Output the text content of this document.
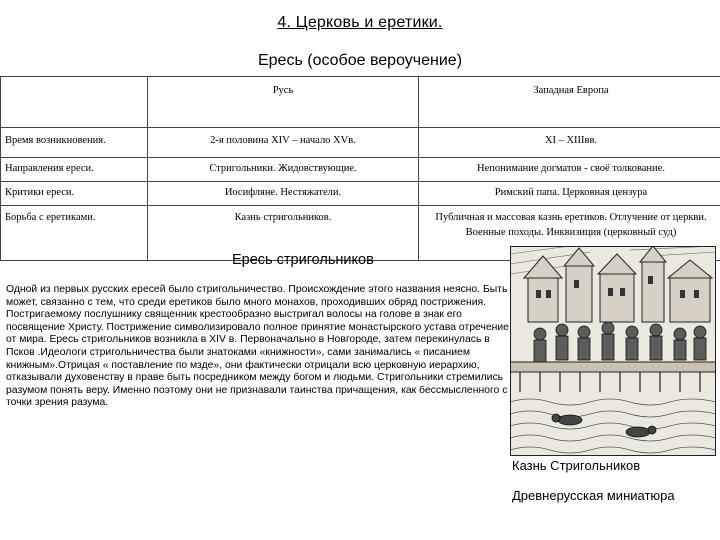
4. Церковь и еретики.
Ересь (особое вероучение)
	Русь	Западная Европа
Время возникновения.	2-я половина XIV – начало XVв.	XI – XIIIвв.
Направления ереси.	Стригольники. Жидовствующие.	Непонимание догматов - своё толкование.
Критики ереси.	Иосифляне. Нестяжатели.	Римский папа. Церковная цензура
Борьба с еретиками.	Казнь стригольников.	Публичная и массовая казнь еретиков. Отлучение от церкви. Военные походы. Инквизиция (церковный суд)
Ересь стригольников

Одной из первых русских ересей было стригольничество. Происхождение этого названия неясно. Быть может, связанно с тем, что среди еретиков было много монахов, проходивших обряд пострижения. Постригаемому послушнику священник крестообразно выстригал волосы на голове в знак его посвящение Христу. Пострижение символизировало полное принятие монастырского устава отречение от мира. Ересь стригольников возникла в XIV в. Первоначально в Новгороде, затем перекинулась в Псков .Идеологи стригольничества были знатоками «книжности», сами занимались « писанием книжным».Отрицая « поставление по мзде», они фактически отрицали всю церковную иерархию, отказывали духовенству в праве быть посредником между богом и людьми. Стригольники стремились разумом понять веру. Именно поэтому они не признавали таинства причащения, как бессмысленного с точки зрения разума.

Казнь Стригольников
Древнерусская миниатюра
